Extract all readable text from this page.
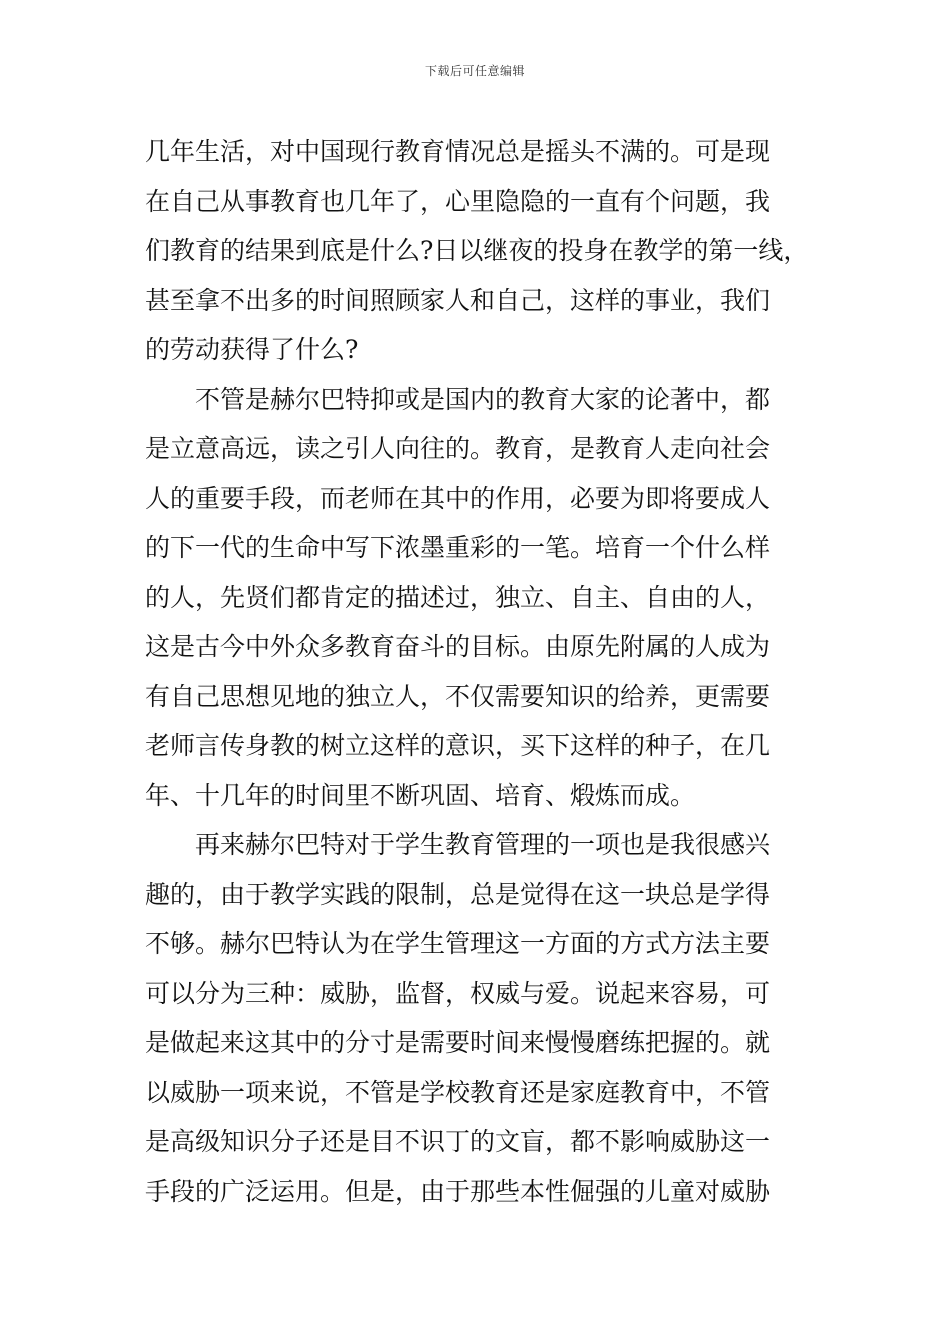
下载后可任意编辑
几年生活，对中国现行教育情况总是摇头不满的。可是现
在自己从事教育也几年了，心里隐隐的一直有个问题，我
们教育的结果到底是什么?日以继夜的投身在教学的第一线，
甚至拿不出多的时间照顾家人和自己，这样的事业，我们
的劳动获得了什么?
不管是赫尔巴特抑或是国内的教育大家的论著中，都
是立意高远，读之引人向往的。教育，是教育人走向社会
人的重要手段，而老师在其中的作用，必要为即将要成人
的下一代的生命中写下浓墨重彩的一笔。培育一个什么样
的人，先贤们都肯定的描述过，独立、自主、自由的人，
这是古今中外众多教育奋斗的目标。由原先附属的人成为
有自己思想见地的独立人，不仅需要知识的给养，更需要
老师言传身教的树立这样的意识，买下这样的种子，在几
年、十几年的时间里不断巩固、培育、煅炼而成。
再来赫尔巴特对于学生教育管理的一项也是我很感兴
趣的，由于教学实践的限制，总是觉得在这一块总是学得
不够。赫尔巴特认为在学生管理这一方面的方式方法主要
可以分为三种：威胁，监督，权威与爱。说起来容易，可
是做起来这其中的分寸是需要时间来慢慢磨练把握的。就
以威胁一项来说，不管是学校教育还是家庭教育中，不管
是高级知识分子还是目不识丁的文盲，都不影响威胁这一
手段的广泛运用。但是，由于那些本性倔强的儿童对威胁
